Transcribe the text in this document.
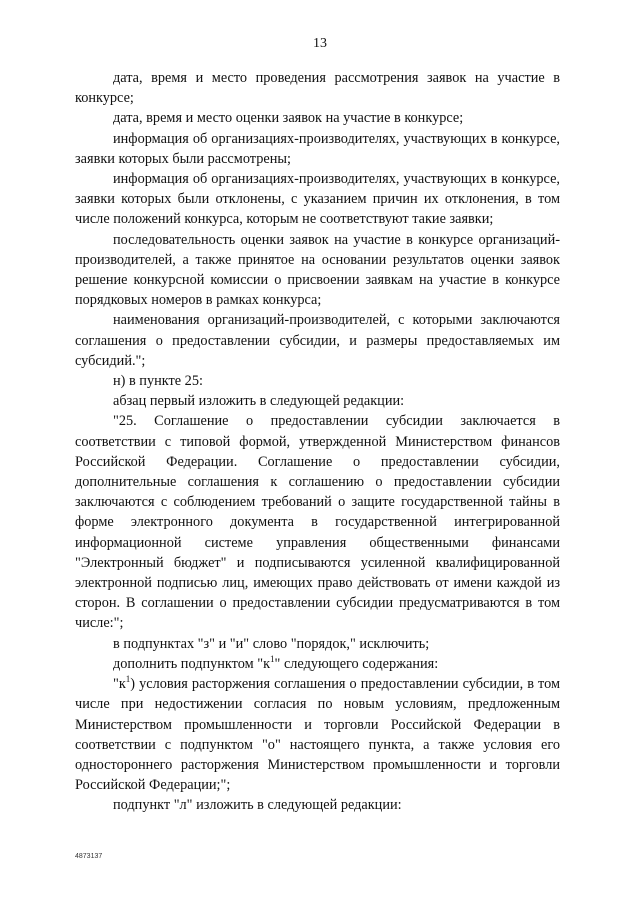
13

дата, время и место проведения рассмотрения заявок на участие в конкурсе;

дата, время и место оценки заявок на участие в конкурсе;

информация об организациях-производителях, участвующих в конкурсе, заявки которых были рассмотрены;

информация об организациях-производителях, участвующих в конкурсе, заявки которых были отклонены, с указанием причин их отклонения, в том числе положений конкурса, которым не соответствуют такие заявки;

последовательность оценки заявок на участие в конкурсе организаций-производителей, а также принятое на основании результатов оценки заявок решение конкурсной комиссии о присвоении заявкам на участие в конкурсе порядковых номеров в рамках конкурса;

наименования организаций-производителей, с которыми заключаются соглашения о предоставлении субсидии, и размеры предоставляемых им субсидий.";

н) в пункте 25:

абзац первый изложить в следующей редакции:

"25. Соглашение о предоставлении субсидии заключается в соответствии с типовой формой, утвержденной Министерством финансов Российской Федерации. Соглашение о предоставлении субсидии, дополнительные соглашения к соглашению о предоставлении субсидии заключаются с соблюдением требований о защите государственной тайны в форме электронного документа в государственной интегрированной информационной системе управления общественными финансами "Электронный бюджет" и подписываются усиленной квалифицированной электронной подписью лиц, имеющих право действовать от имени каждой из сторон. В соглашении о предоставлении субсидии предусматриваются в том числе:";

в подпунктах "з" и "и" слово "порядок," исключить;

дополнить подпунктом "$к^1$" следующего содержания:

"$к^1$) условия расторжения соглашения о предоставлении субсидии, в том числе при недостижении согласия по новым условиям, предложенным Министерством промышленности и торговли Российской Федерации в соответствии с подпунктом "о" настоящего пункта, а также условия его одностороннего расторжения Министерством промышленности и торговли Российской Федерации;";

подпункт "л" изложить в следующей редакции:

4873137
